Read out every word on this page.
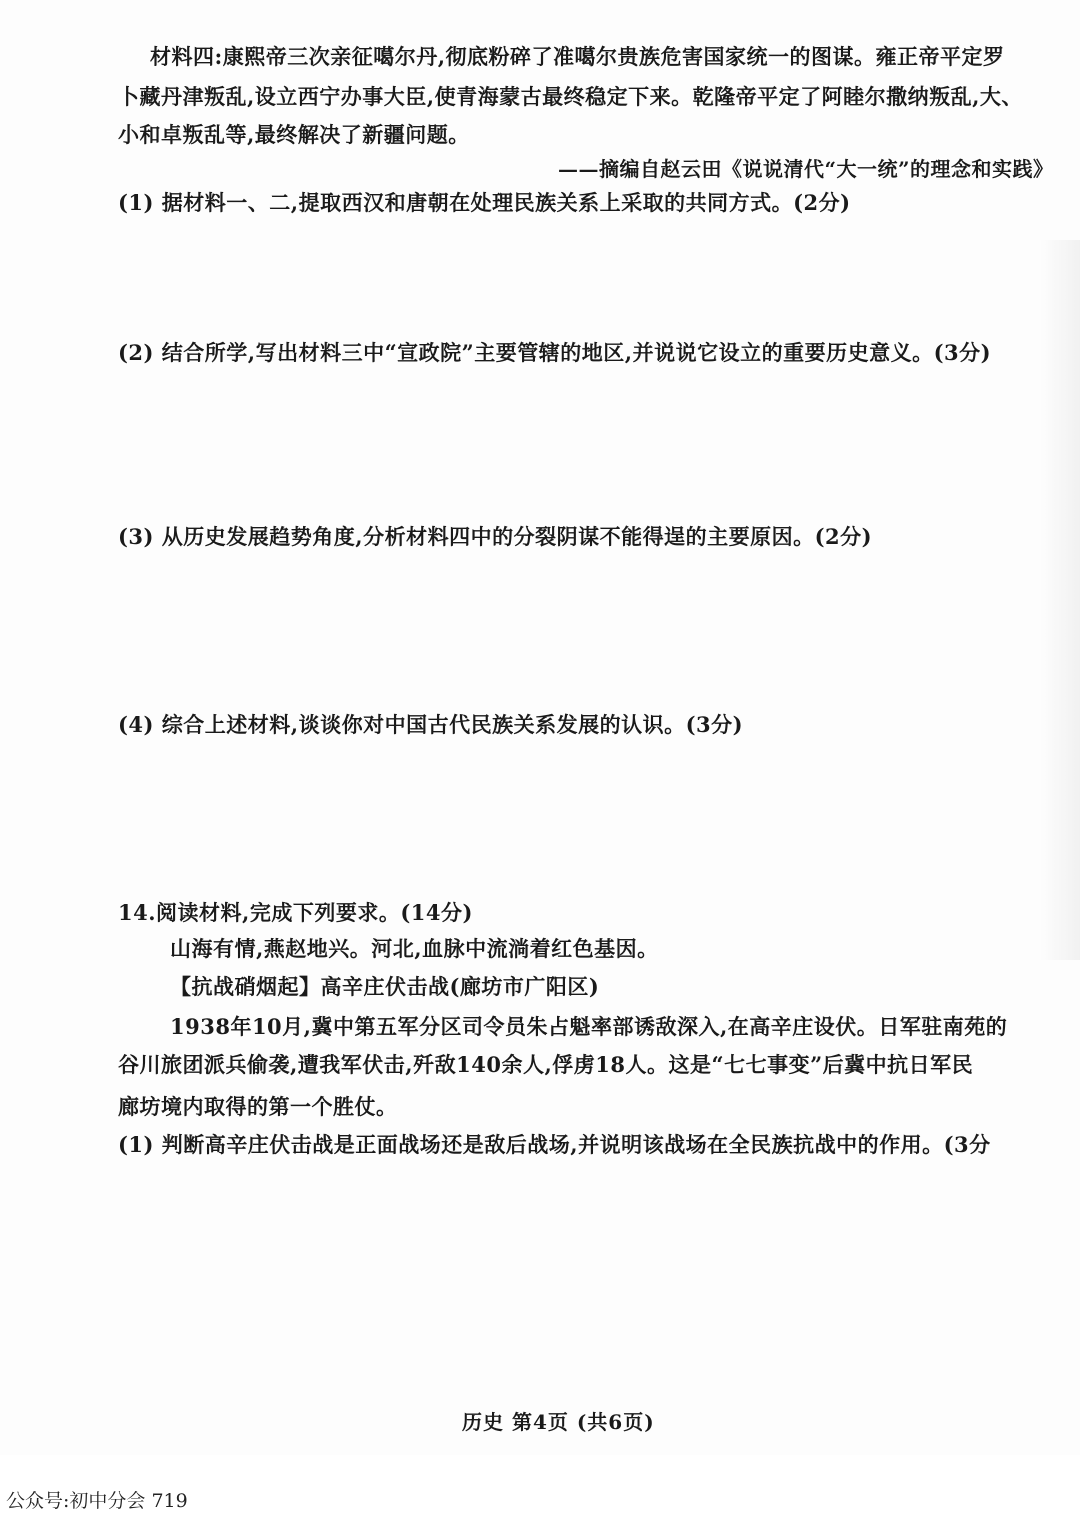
材料四:康熙帝三次亲征噶尔丹,彻底粉碎了准噶尔贵族危害国家统一的图谋。雍正帝平定罗
卜藏丹津叛乱,设立西宁办事大臣,使青海蒙古最终稳定下来。乾隆帝平定了阿睦尔撒纳叛乱,大、
小和卓叛乱等,最终解决了新疆问题。
——摘编自赵云田《说说清代“大一统”的理念和实践》
(1) 据材料一、二,提取西汉和唐朝在处理民族关系上采取的共同方式。(2分)
(2) 结合所学,写出材料三中“宣政院”主要管辖的地区,并说说它设立的重要历史意义。(3分)
(3) 从历史发展趋势角度,分析材料四中的分裂阴谋不能得逞的主要原因。(2分)
(4) 综合上述材料,谈谈你对中国古代民族关系发展的认识。(3分)
14.阅读材料,完成下列要求。(14分)
山海有情,燕赵地兴。河北,血脉中流淌着红色基因。
【抗战硝烟起】高辛庄伏击战(廊坊市广阳区)
1938年10月,冀中第五军分区司令员朱占魁率部诱敌深入,在高辛庄设伏。日军驻南苑的
谷川旅团派兵偷袭,遭我军伏击,歼敌140余人,俘虏18人。这是“七七事变”后冀中抗日军民
廊坊境内取得的第一个胜仗。
(1) 判断高辛庄伏击战是正面战场还是敌后战场,并说明该战场在全民族抗战中的作用。(3分
历史 第4页 (共6页)
公众号:初中分会 719
